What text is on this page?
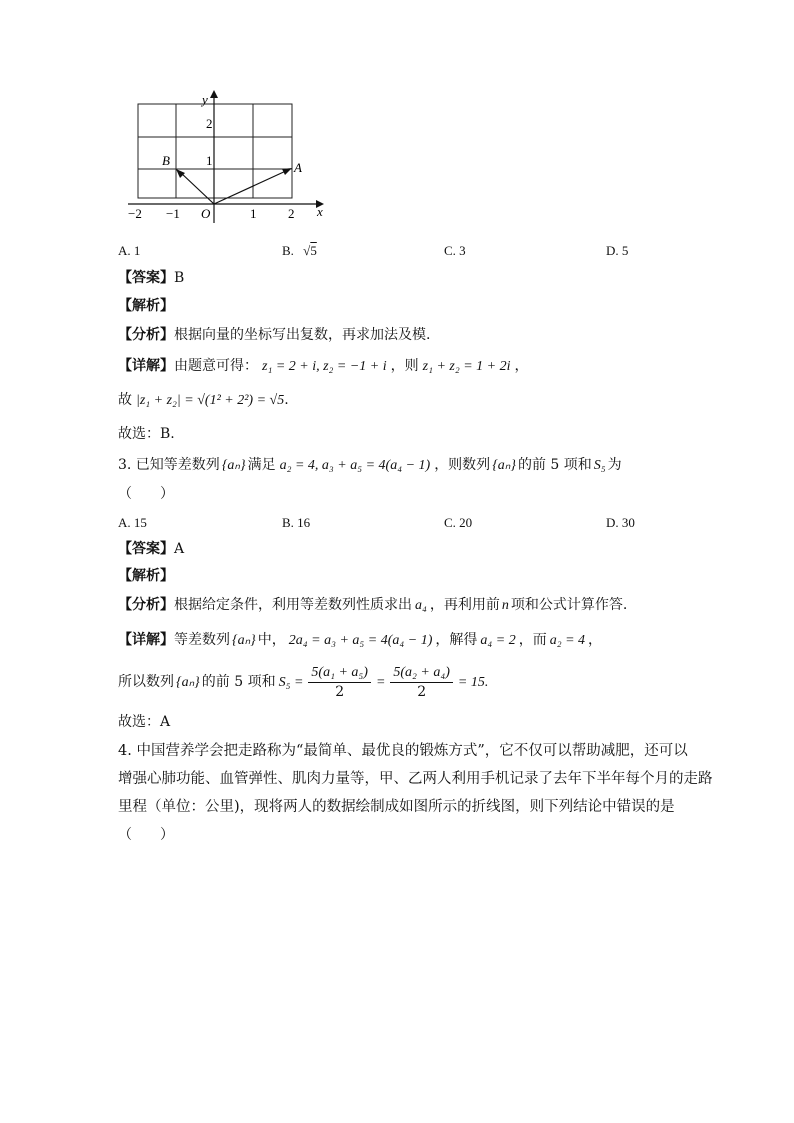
y
x
O
−2 −1	1 2
1
2
A
B
A. 1	B. √5	C. 3	D. 5
【答案】B
【解析】
【分析】根据向量的坐标写出复数，再求加法及模.
【详解】由题意可得： z₁ = 2 + i, z₂ = −1 + i ，则 z₁ + z₂ = 1 + 2i ，
故 |z₁ + z₂| = √(1² + 2²) = √5.
故选：B.
3. 已知等差数列 {aₙ} 满足 a₂ = 4, a₃ + a₅ = 4(a₄ − 1) ，则数列 {aₙ} 的前 5 项和 S₅ 为
（　　）
A. 15	B. 16	C. 20	D. 30
【答案】A
【解析】
【分析】根据给定条件，利用等差数列性质求出 a₄ ，再利用前 n 项和公式计算作答.
【详解】等差数列 {aₙ} 中， 2a₄ = a₃ + a₅ = 4(a₄ − 1) ，解得 a₄ = 2 ，而 a₂ = 4 ，
所以数列 {aₙ} 的前 5 项和 $S_5 = \frac{\text{5(a₁ + a₅)}}{2} = \frac{\text{5(a₂ + a₄)}}{2} = 15$.
故选：A
4. 中国营养学会把走路称为“最简单、最优良的锻炼方式”，它不仅可以帮助减肥，还可以
增强心肺功能、血管弹性、肌肉力量等，甲、乙两人利用手机记录了去年下半年每个月的走路
里程（单位：公里)，现将两人的数据绘制成如图所示的折线图，则下列结论中错误的是
（　　）
